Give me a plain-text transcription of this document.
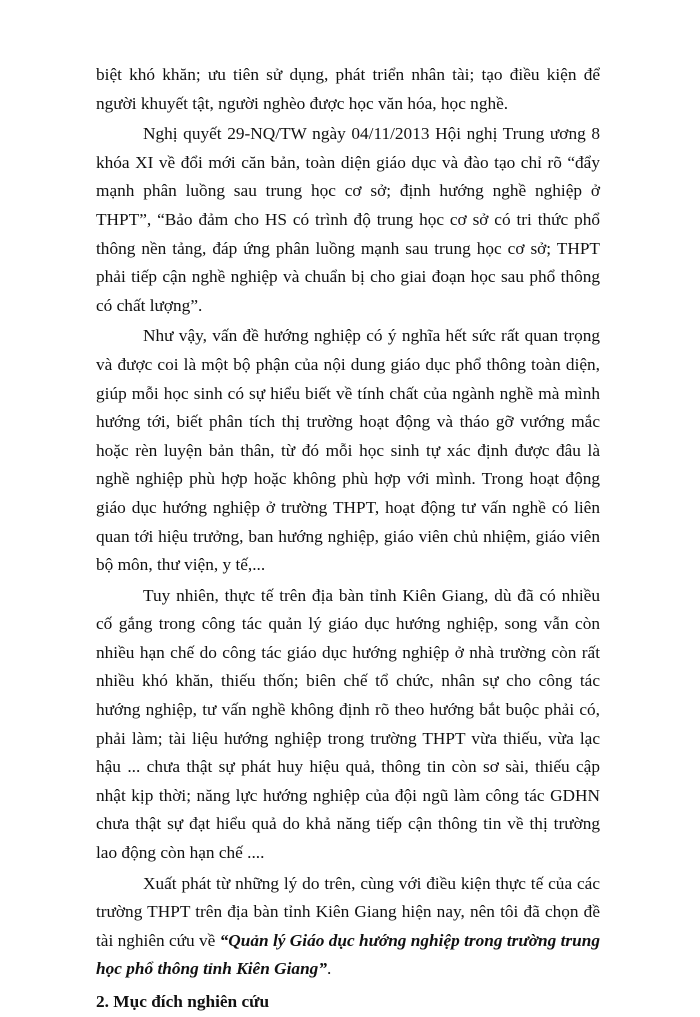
biệt khó khăn; ưu tiên sử dụng, phát triển nhân tài; tạo điều kiện để người khuyết tật, người nghèo được học văn hóa, học nghề.

Nghị quyết 29-NQ/TW ngày 04/11/2013 Hội nghị Trung ương 8 khóa XI về đổi mới căn bản, toàn diện giáo dục và đào tạo chỉ rõ “đẩy mạnh phân luồng sau trung học cơ sở; định hướng nghề nghiệp ở THPT”, “Bảo đảm cho HS có trình độ trung học cơ sở có tri thức phổ thông nền tảng, đáp ứng phân luồng mạnh sau trung học cơ sở; THPT phải tiếp cận nghề nghiệp và chuẩn bị cho giai đoạn học sau phổ thông có chất lượng”.

Như vậy, vấn đề hướng nghiệp có ý nghĩa hết sức rất quan trọng và được coi là một bộ phận của nội dung giáo dục phổ thông toàn diện, giúp mỗi học sinh có sự hiểu biết về tính chất của ngành nghề mà mình hướng tới, biết phân tích thị trường hoạt động và tháo gỡ vướng mắc hoặc rèn luyện bản thân, từ đó mỗi học sinh tự xác định được đâu là nghề nghiệp phù hợp hoặc không phù hợp với mình. Trong hoạt động giáo dục hướng nghiệp ở trường THPT, hoạt động tư vấn nghề có liên quan tới hiệu trưởng, ban hướng nghiệp, giáo viên chủ nhiệm, giáo viên bộ môn, thư viện, y tế,...

Tuy nhiên, thực tế trên địa bàn tỉnh Kiên Giang, dù đã có nhiều cố gắng trong công tác quản lý giáo dục hướng nghiệp, song vẫn còn nhiều hạn chế do công tác giáo dục hướng nghiệp ở nhà trường còn rất nhiều khó khăn, thiếu thốn; biên chế tổ chức, nhân sự cho công tác hướng nghiệp, tư vấn nghề không định rõ theo hướng bắt buộc phải có, phải làm; tài liệu hướng nghiệp trong trường THPT vừa thiếu, vừa lạc hậu ... chưa thật sự phát huy hiệu quả, thông tin còn sơ sài, thiếu cập nhật kịp thời; năng lực hướng nghiệp của đội ngũ làm công tác GDHN chưa thật sự đạt hiểu quả do khả năng tiếp cận thông tin về thị trường lao động còn hạn chế ....

Xuất phát từ những lý do trên, cùng với điều kiện thực tế của các trường THPT trên địa bàn tỉnh Kiên Giang hiện nay, nên tôi đã chọn đề tài nghiên cứu về “Quản lý Giáo dục hướng nghiệp trong trường trung học phổ thông tỉnh Kiên Giang”.

2. Mục đích nghiên cứu
